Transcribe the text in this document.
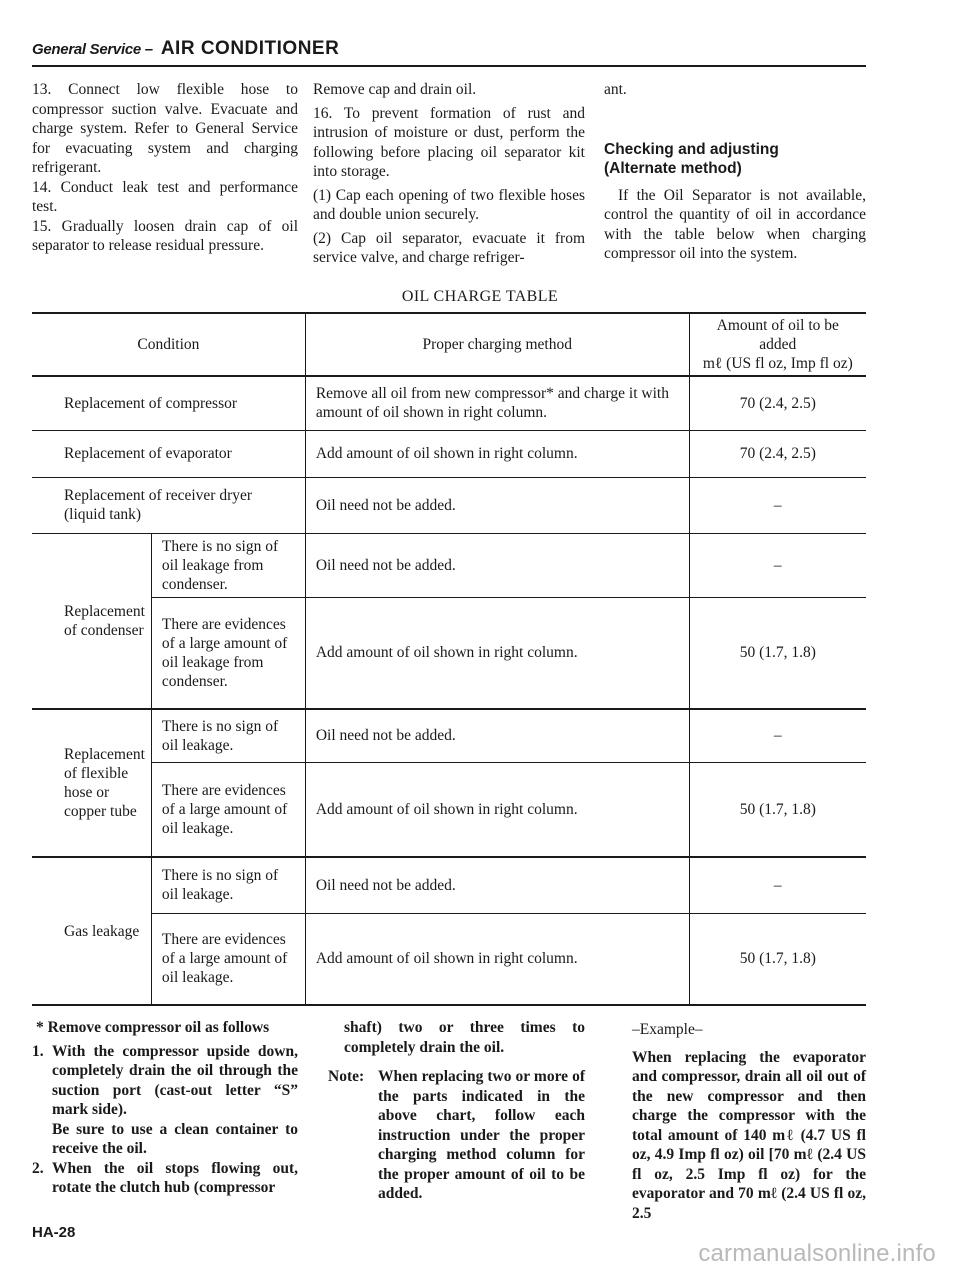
General Service – AIR CONDITIONER

13. Connect low flexible hose to compressor suction valve. Evacuate and charge system. Refer to General Service for evacuating system and charging refrigerant.

14. Conduct leak test and performance test.

15. Gradually loosen drain cap of oil separator to release residual pressure.

Remove cap and drain oil.

16. To prevent formation of rust and intrusion of moisture or dust, perform the following before placing oil separator kit into storage.

(1) Cap each opening of two flexible hoses and double union securely.

(2) Cap oil separator, evacuate it from service valve, and charge refriger-

ant.

Checking and adjusting
(Alternate method)

If the Oil Separator is not available, control the quantity of oil in accordance with the table below when charging compressor oil into the system.

OIL CHARGE TABLE
Condition		Proper charging method	Amount of oil to be added
mℓ (US fl oz, Imp fl oz)

Replacement of compressor		Remove all oil from new compressor* and charge it with amount of oil shown in right column.	70 (2.4, 2.5)
Replacement of evaporator		Add amount of oil shown in right column.	70 (2.4, 2.5)

Replacement of receiver dryer
(liquid tank)		Oil need not be added.	–
Replacement of condenser	There is no sign of oil leakage from condenser.	Oil need not be added.	–
	There are evidences of a large amount of oil leakage from condenser.	Add amount of oil shown in right column.	50 (1.7, 1.8)
Replacement of flexible hose or copper tube	There is no sign of oil leakage.	Oil need not be added.	–
	There are evidences of a large amount of oil leakage.	Add amount of oil shown in right column.	50 (1.7, 1.8)
Gas leakage	There is no sign of oil leakage.	Oil need not be added.	–
	There are evidences of a large amount of oil leakage.	Add amount of oil shown in right column.	50 (1.7, 1.8)
* Remove compressor oil as follows
1. With the compressor upside down, completely drain the oil through the suction port (cast-out letter “S” mark side).
Be sure to use a clean container to receive the oil.
2. When the oil stops flowing out, rotate the clutch hub (compressor

shaft) two or three times to completely drain the oil.

Note: When replacing two or more of the parts indicated in the above chart, follow each instruction under the proper charging method column for the proper amount of oil to be added.
–Example–

When replacing the evaporator and compressor, drain all oil out of the new compressor and then charge the compressor with the total amount of 140 mℓ (4.7 US fl oz, 4.9 Imp fl oz) oil [70 mℓ (2.4 US fl oz, 2.5 Imp fl oz) for the evaporator and 70 mℓ (2.4 US fl oz, 2.5

HA-28
carmanualsonline.info
